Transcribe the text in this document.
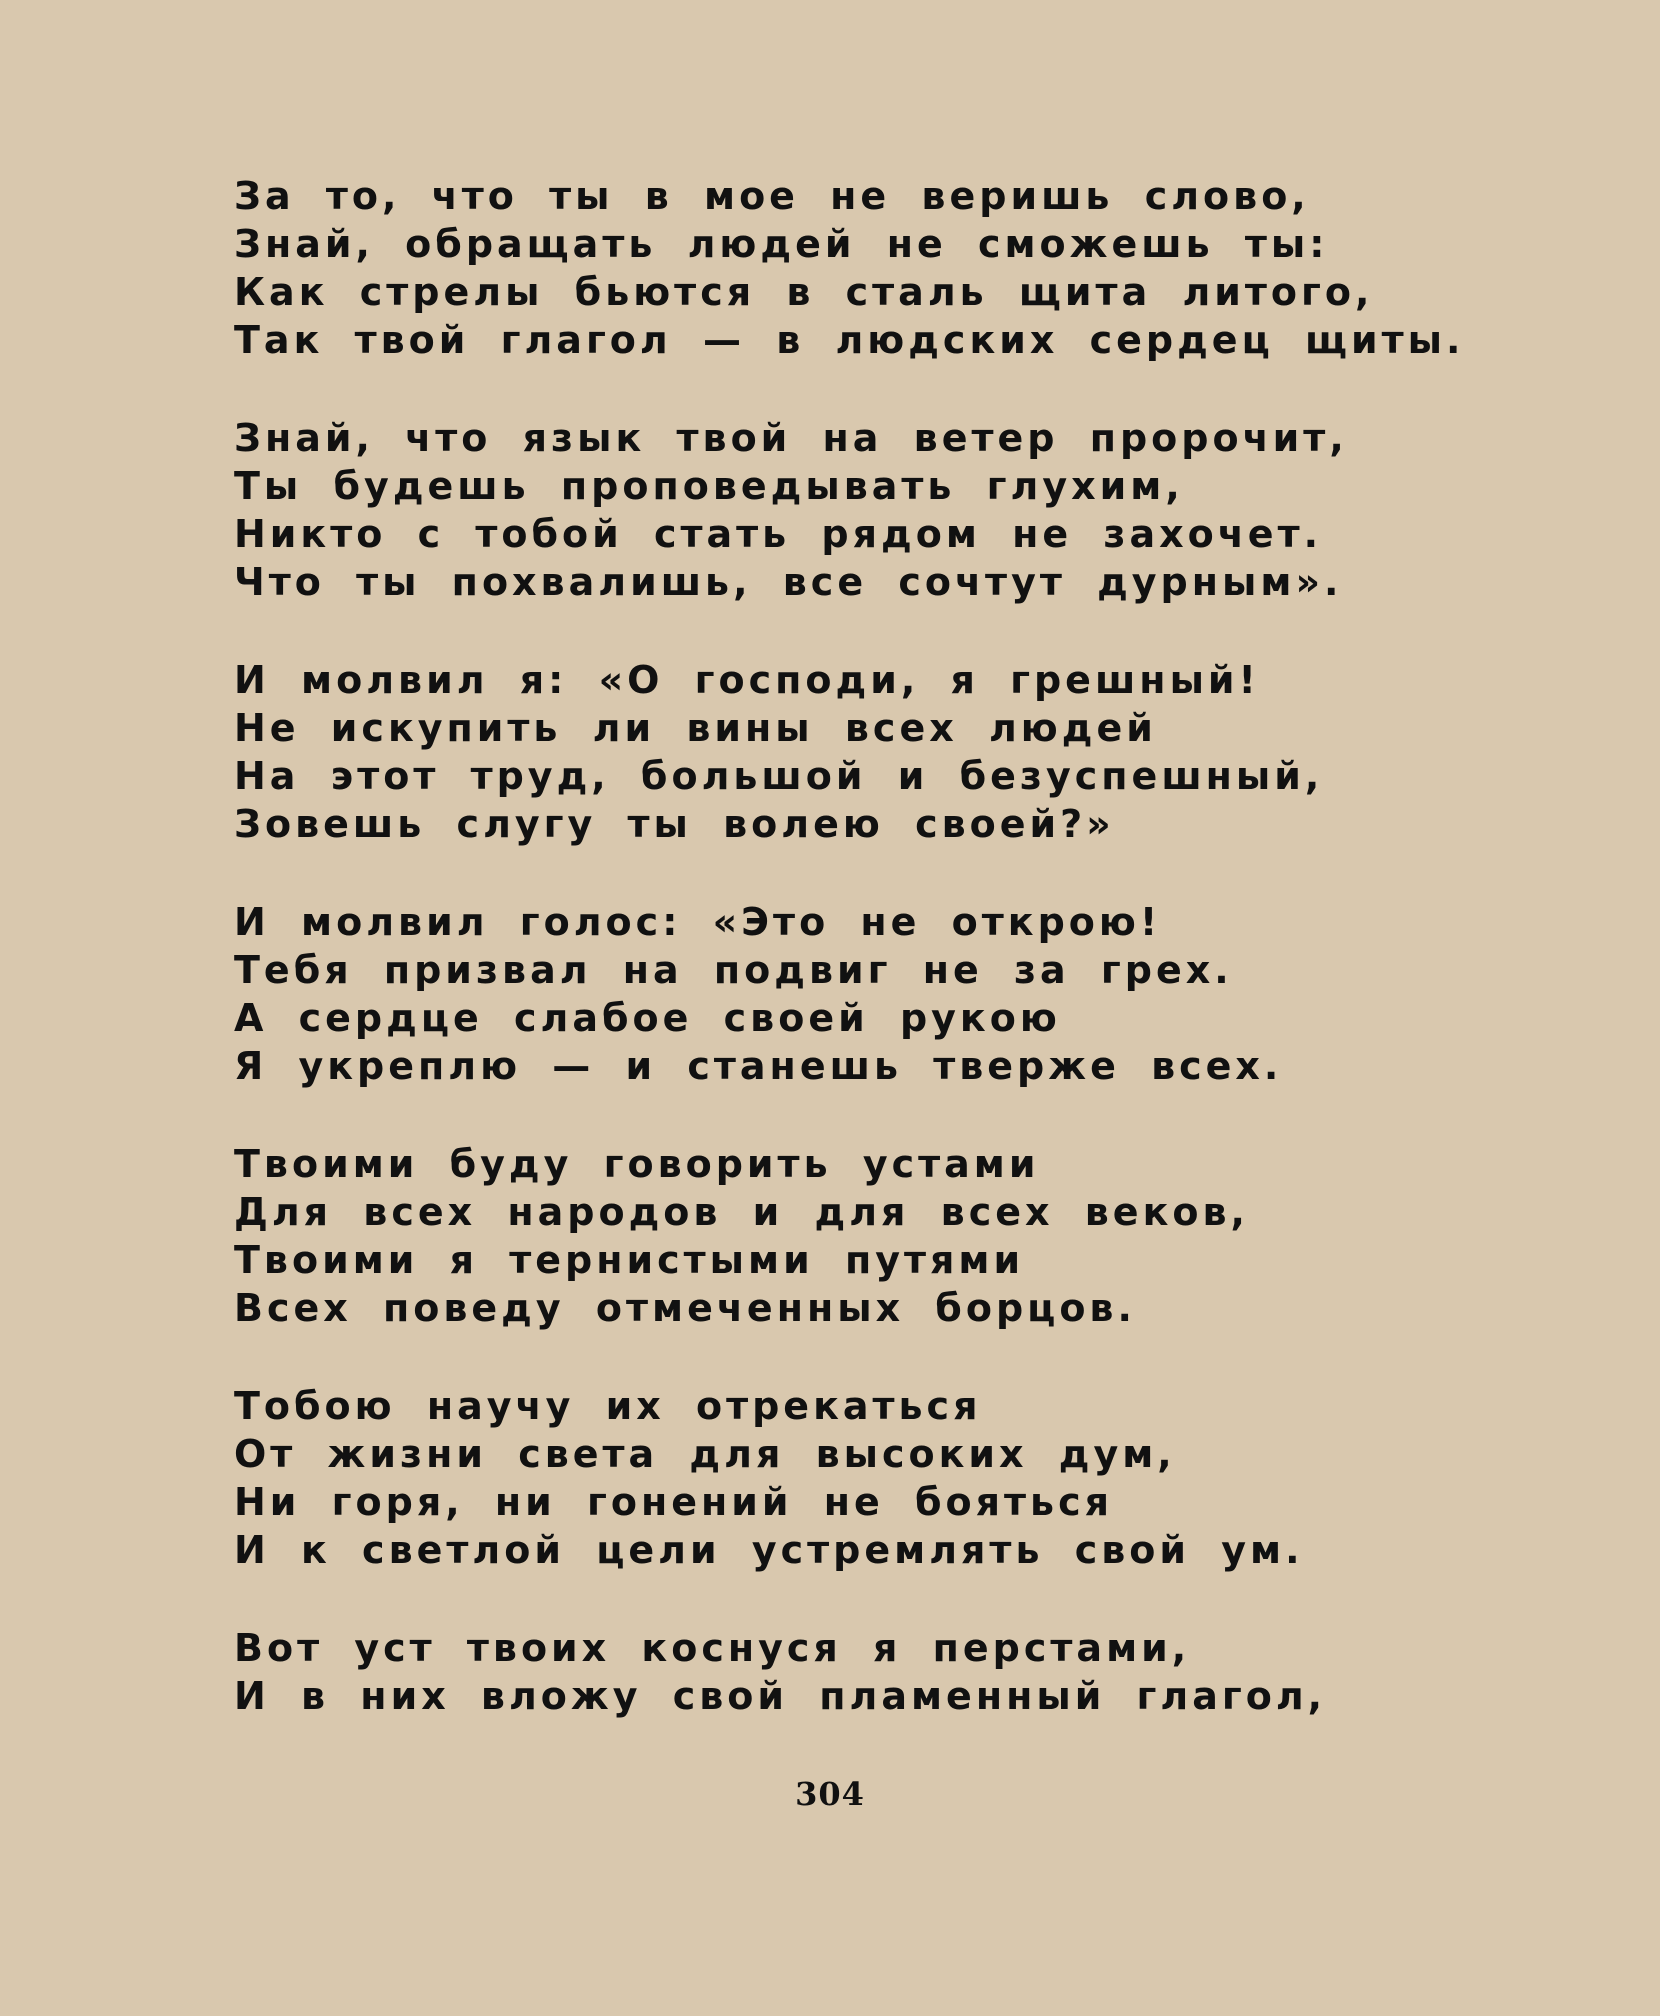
За то, что ты в мое не веришь слово,
Знай, обращать людей не сможешь ты:
Как стрелы бьются в сталь щита литого,
Так твой глагол — в людских сердец щиты.
Знай, что язык твой на ветер пророчит,
Ты будешь проповедывать глухим,
Никто с тобой стать рядом не захочет.
Что ты похвалишь, все сочтут дурным».
И молвил я: «О господи, я грешный!
Не искупить ли вины всех людей
На этот труд, большой и безуспешный,
Зовешь слугу ты волею своей?»
И молвил голос: «Это не открою!
Тебя призвал на подвиг не за грех.
А сердце слабое своей рукою
Я укреплю — и станешь тверже всех.
Твоими буду говорить устами
Для всех народов и для всех веков,
Твоими я тернистыми путями
Всех поведу отмеченных борцов.
Тобою научу их отрекаться
От жизни света для высоких дум,
Ни горя, ни гонений не бояться
И к светлой цели устремлять свой ум.
Вот уст твоих коснуся я перстами,
И в них вложу свой пламенный глагол,
304
